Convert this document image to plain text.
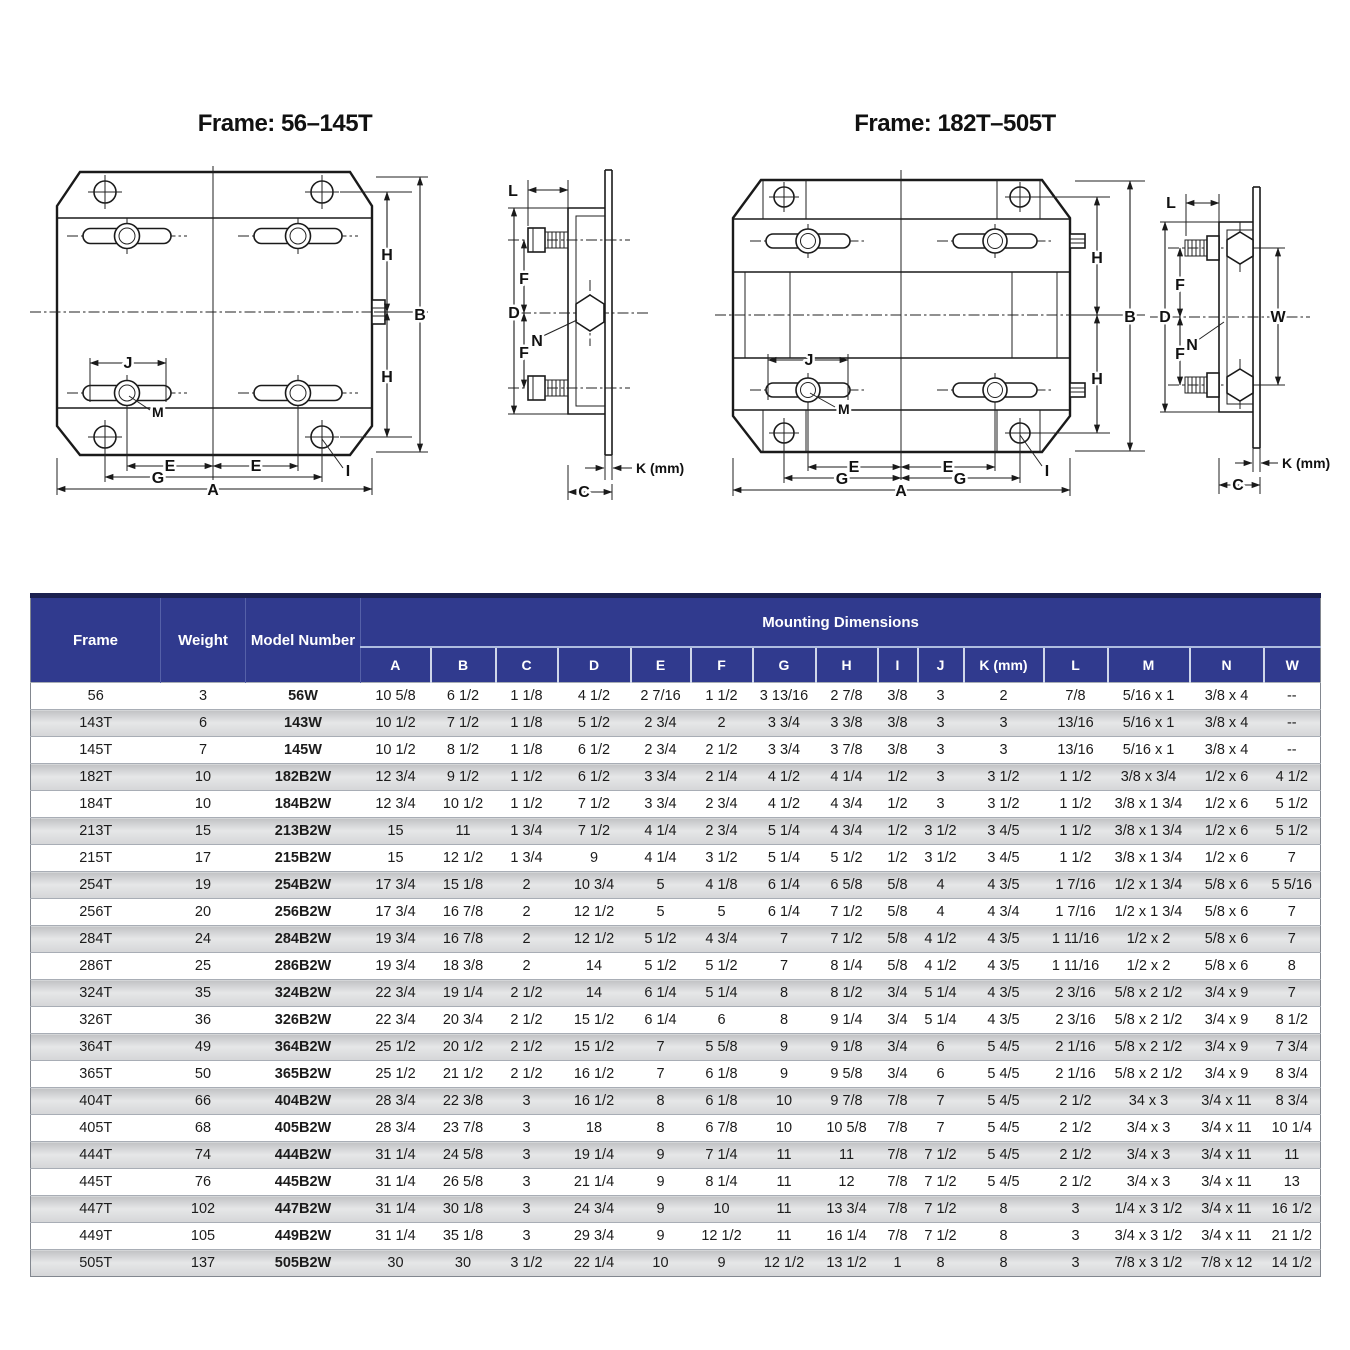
Frame: 56–145T	Frame: 182T–505T
H
H
B
E	E
G
A
I
J
M
L
D
F
F
N
K (mm)
C
H
H
B
E	E
G	G
A
I
J
M
L
D
F
F
N
W
K (mm)
C
Frame	Weight	Model Number	Mounting Dimensions														
			A	B	C	D	E	F	G	H	I	J	K (mm)	L	M	N	W
56	3	56W	10 5/8	6 1/2	1 1/8	4 1/2	2 7/16	1 1/2	3 13/16	2 7/8	3/8	3	2	7/8	5/16 x 1	3/8 x 4	--
143T	6	143W	10 1/2	7 1/2	1 1/8	5 1/2	2 3/4	2	3 3/4	3 3/8	3/8	3	3	13/16	5/16 x 1	3/8 x 4	--
145T	7	145W	10 1/2	8 1/2	1 1/8	6 1/2	2 3/4	2 1/2	3 3/4	3 7/8	3/8	3	3	13/16	5/16 x 1	3/8 x 4	--
182T	10	182B2W	12 3/4	9 1/2	1 1/2	6 1/2	3 3/4	2 1/4	4 1/2	4 1/4	1/2	3	3 1/2	1 1/2	3/8 x 3/4	1/2 x 6	4 1/2
184T	10	184B2W	12 3/4	10 1/2	1 1/2	7 1/2	3 3/4	2 3/4	4 1/2	4 3/4	1/2	3	3 1/2	1 1/2	3/8 x 1 3/4	1/2 x 6	5 1/2
213T	15	213B2W	15	11	1 3/4	7 1/2	4 1/4	2 3/4	5 1/4	4 3/4	1/2	3 1/2	3 4/5	1 1/2	3/8 x 1 3/4	1/2 x 6	5 1/2
215T	17	215B2W	15	12 1/2	1 3/4	9	4 1/4	3 1/2	5 1/4	5 1/2	1/2	3 1/2	3 4/5	1 1/2	3/8 x 1 3/4	1/2 x 6	7
254T	19	254B2W	17 3/4	15 1/8	2	10 3/4	5	4 1/8	6 1/4	6 5/8	5/8	4	4 3/5	1 7/16	1/2 x 1 3/4	5/8 x 6	5 5/16
256T	20	256B2W	17 3/4	16 7/8	2	12 1/2	5	5	6 1/4	7 1/2	5/8	4	4 3/4	1 7/16	1/2 x 1 3/4	5/8 x 6	7
284T	24	284B2W	19 3/4	16 7/8	2	12 1/2	5 1/2	4 3/4	7	7 1/2	5/8	4 1/2	4 3/5	1 11/16	1/2 x 2	5/8 x 6	7
286T	25	286B2W	19 3/4	18 3/8	2	14	5 1/2	5 1/2	7	8 1/4	5/8	4 1/2	4 3/5	1 11/16	1/2 x 2	5/8 x 6	8
324T	35	324B2W	22 3/4	19 1/4	2 1/2	14	6 1/4	5 1/4	8	8 1/2	3/4	5 1/4	4 3/5	2 3/16	5/8 x 2 1/2	3/4 x 9	7
326T	36	326B2W	22 3/4	20 3/4	2 1/2	15 1/2	6 1/4	6	8	9 1/4	3/4	5 1/4	4 3/5	2 3/16	5/8 x 2 1/2	3/4 x 9	8 1/2
364T	49	364B2W	25 1/2	20 1/2	2 1/2	15 1/2	7	5 5/8	9	9 1/8	3/4	6	5 4/5	2 1/16	5/8 x 2 1/2	3/4 x 9	7 3/4
365T	50	365B2W	25 1/2	21 1/2	2 1/2	16 1/2	7	6 1/8	9	9 5/8	3/4	6	5 4/5	2 1/16	5/8 x 2 1/2	3/4 x 9	8 3/4
404T	66	404B2W	28 3/4	22 3/8	3	16 1/2	8	6 1/8	10	9 7/8	7/8	7	5 4/5	2 1/2	34 x 3	3/4 x 11	8 3/4
405T	68	405B2W	28 3/4	23 7/8	3	18	8	6 7/8	10	10 5/8	7/8	7	5 4/5	2 1/2	3/4 x 3	3/4 x 11	10 1/4
444T	74	444B2W	31 1/4	24 5/8	3	19 1/4	9	7 1/4	11	11	7/8	7 1/2	5 4/5	2 1/2	3/4 x 3	3/4 x 11	11
445T	76	445B2W	31 1/4	26 5/8	3	21 1/4	9	8 1/4	11	12	7/8	7 1/2	5 4/5	2 1/2	3/4 x 3	3/4 x 11	13
447T	102	447B2W	31 1/4	30 1/8	3	24 3/4	9	10	11	13 3/4	7/8	7 1/2	8	3	1/4 x 3 1/2	3/4 x 11	16 1/2
449T	105	449B2W	31 1/4	35 1/8	3	29 3/4	9	12 1/2	11	16 1/4	7/8	7 1/2	8	3	3/4 x 3 1/2	3/4 x 11	21 1/2
505T	137	505B2W	30	30	3 1/2	22 1/4	10	9	12 1/2	13 1/2	1	8	8	3	7/8 x 3 1/2	7/8 x 12	14 1/2
